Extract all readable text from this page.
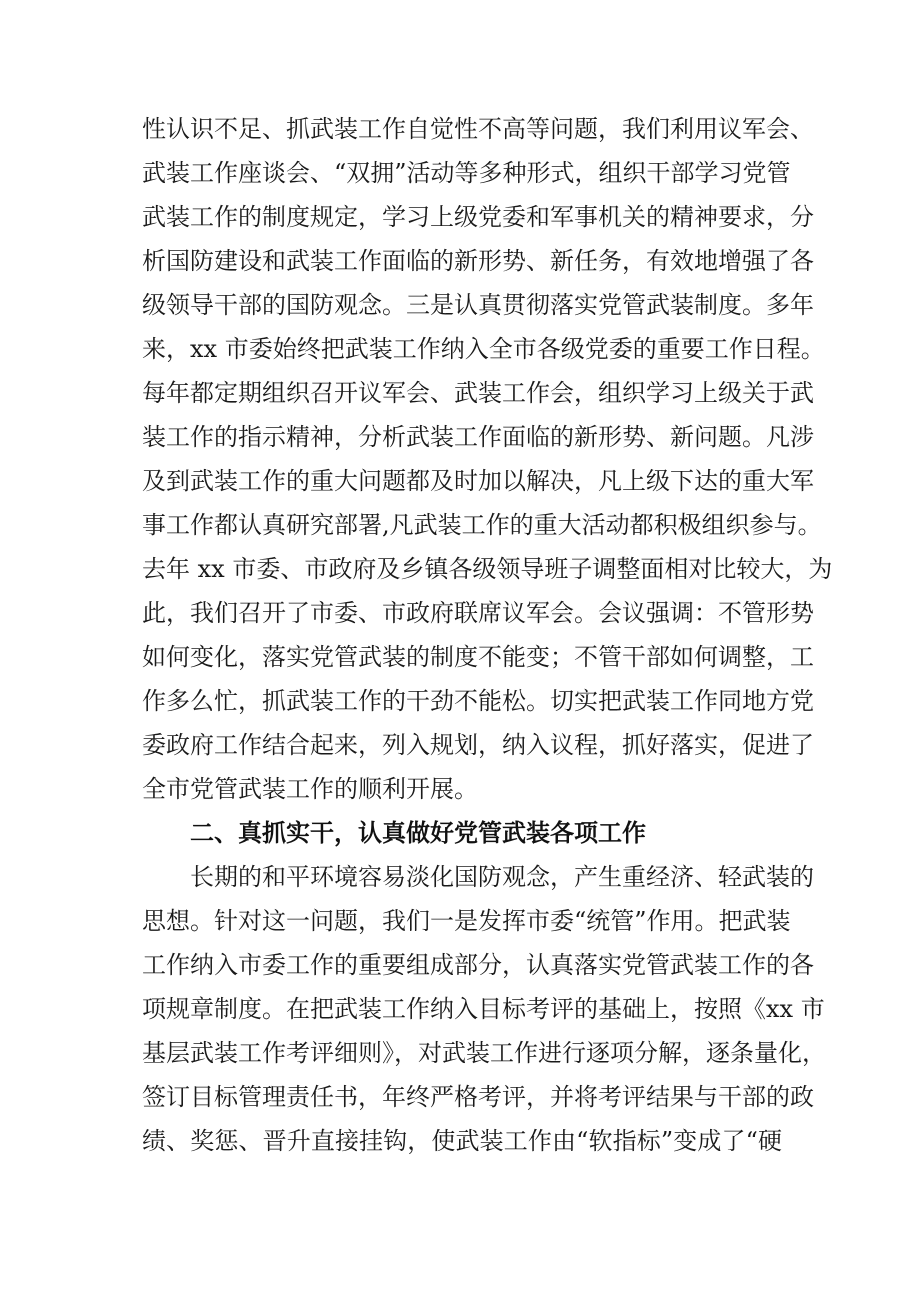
性认识不足、抓武装工作自觉性不高等问题，我们利用议军会、
武装工作座谈会、“双拥”活动等多种形式，组织干部学习党管
武装工作的制度规定，学习上级党委和军事机关的精神要求，分
析国防建设和武装工作面临的新形势、新任务，有效地增强了各
级领导干部的国防观念。三是认真贯彻落实党管武装制度。多年
来，xx 市委始终把武装工作纳入全市各级党委的重要工作日程。
每年都定期组织召开议军会、武装工作会，组织学习上级关于武
装工作的指示精神，分析武装工作面临的新形势、新问题。凡涉
及到武装工作的重大问题都及时加以解决，凡上级下达的重大军
事工作都认真研究部署,凡武装工作的重大活动都积极组织参与。
去年 xx 市委、市政府及乡镇各级领导班子调整面相对比较大，为
此，我们召开了市委、市政府联席议军会。会议强调：不管形势
如何变化，落实党管武装的制度不能变；不管干部如何调整，工
作多么忙，抓武装工作的干劲不能松。切实把武装工作同地方党
委政府工作结合起来，列入规划，纳入议程，抓好落实，促进了
全市党管武装工作的顺利开展。
二、真抓实干，认真做好党管武装各项工作
长期的和平环境容易淡化国防观念，产生重经济、轻武装的
思想。针对这一问题，我们一是发挥市委“统管”作用。把武装
工作纳入市委工作的重要组成部分，认真落实党管武装工作的各
项规章制度。在把武装工作纳入目标考评的基础上，按照《xx 市
基层武装工作考评细则》，对武装工作进行逐项分解，逐条量化，
签订目标管理责任书，年终严格考评，并将考评结果与干部的政
绩、奖惩、晋升直接挂钩，使武装工作由“软指标”变成了“硬
